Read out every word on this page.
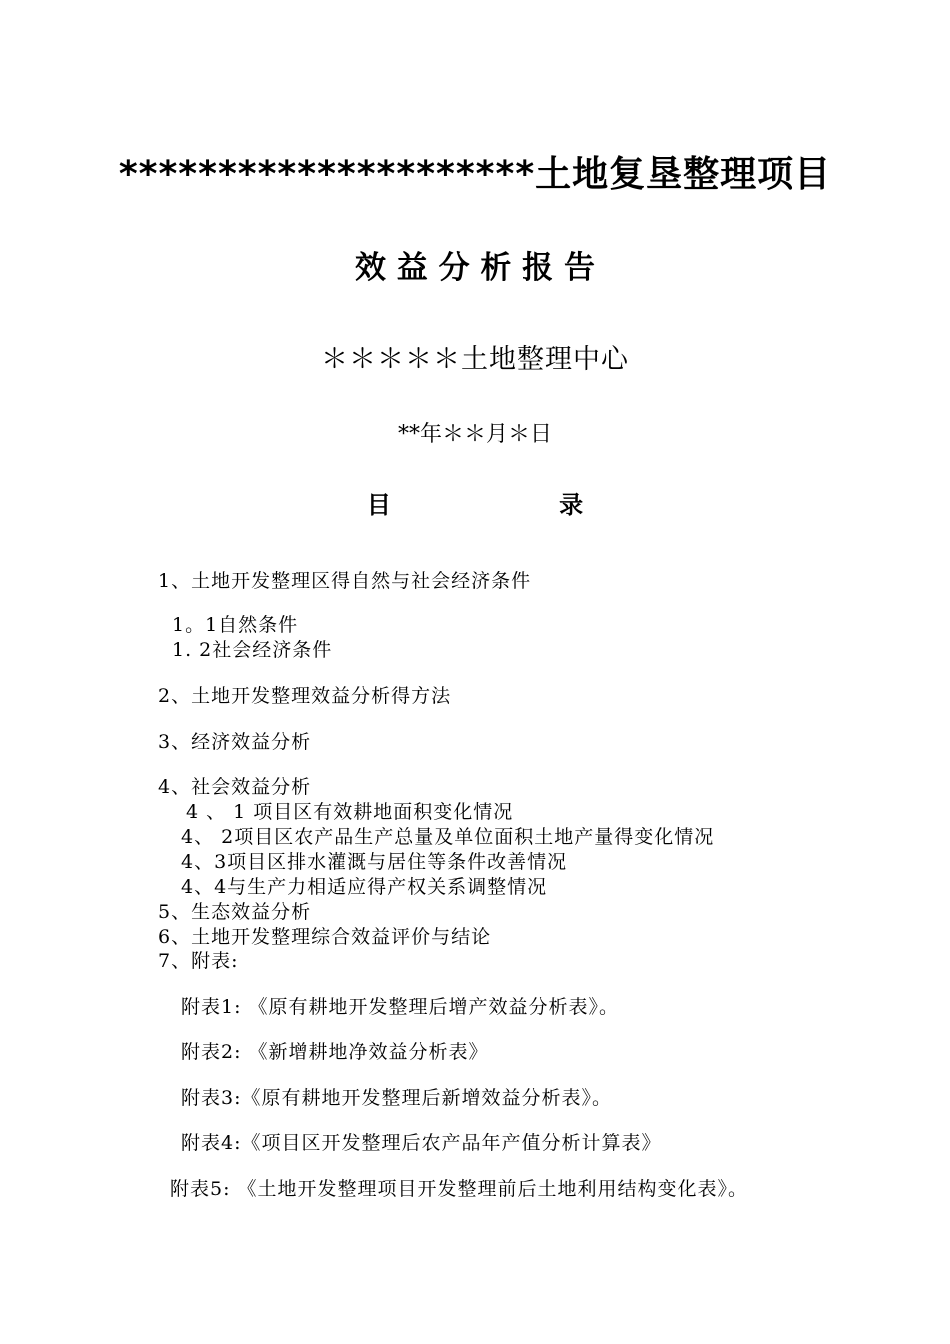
*‌**‌*‌*‌*‌*‌*‌*‌*‌*‌*‌*‌**‌*‌*‌*‌*‌*‌*土地复垦整理项目
效 益 分 析 报 告
＊＊＊＊＊土地整理中心
**年＊＊月＊日
目 录
1、土地开发整理区得自然与社会经济条件
1。1自然条件
1. 2社会经济条件
2、土地开发整理效益分析得方法
3、经济效益分析
4、社会效益分析
4 、 1 项目区有效耕地面积变化情况
4、 2项目区农产品生产总量及单位面积土地产量得变化情况
4、3项目区排水灌溉与居住等条件改善情况
4、4与生产力相适应得产权关系调整情况
5、生态效益分析
6、土地开发整理综合效益评价与结论
7、附表:
附表1: 《原有耕地开发整理后增产效益分析表》。
附表2: 《新增耕地净效益分析表》
附表3:《原有耕地开发整理后新增效益分析表》。
附表4:《项目区开发整理后农产品年产值分析计算表》
附表5: 《土地开发整理项目开发整理前后土地利用结构变化表》。
